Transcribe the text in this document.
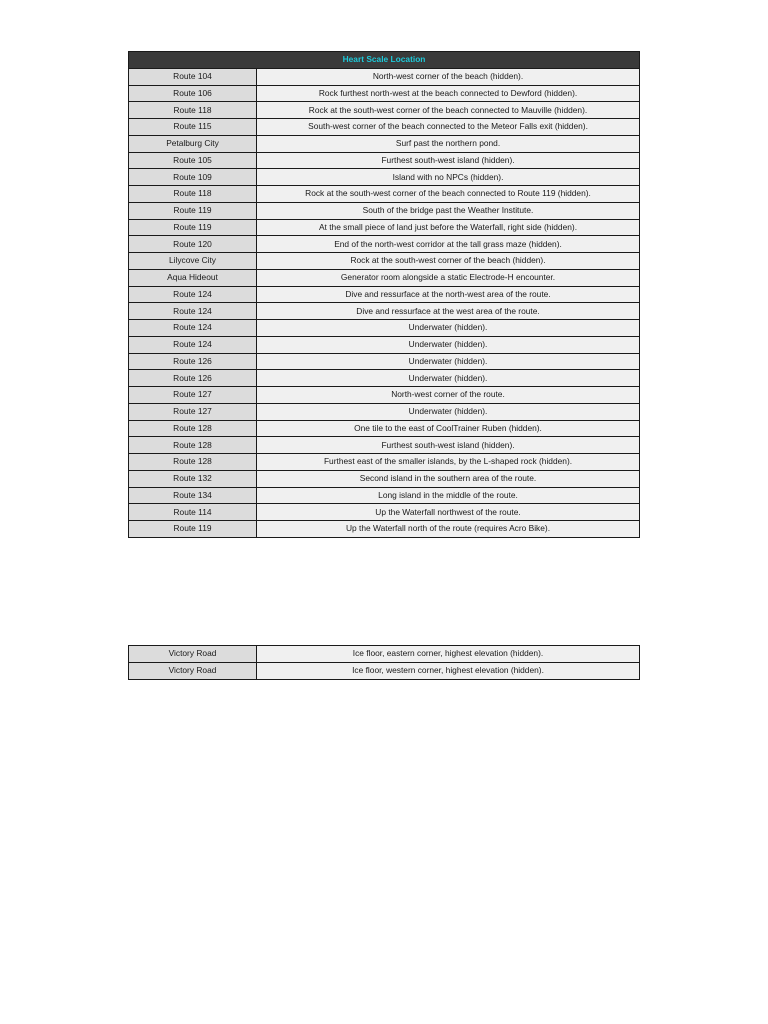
Heart Scale Location	
Route 104	North-west corner of the beach (hidden).
Route 106	Rock furthest north-west at the beach connected to Dewford (hidden).
Route 118	Rock at the south-west corner of the beach connected to Mauville (hidden).
Route 115	South-west corner of the beach connected to the Meteor Falls exit (hidden).
Petalburg City	Surf past the northern pond.
Route 105	Furthest south-west island (hidden).
Route 109	Island with no NPCs (hidden).
Route 118	Rock at the south-west corner of the beach connected to Route 119 (hidden).
Route 119	South of the bridge past the Weather Institute.
Route 119	At the small piece of land just before the Waterfall, right side (hidden).
Route 120	End of the north-west corridor at the tall grass maze (hidden).
Lilycove City	Rock at the south-west corner of the beach (hidden).
Aqua Hideout	Generator room alongside a static Electrode-H encounter.
Route 124	Dive and ressurface at the north-west area of the route.
Route 124	Dive and ressurface at the west area of the route.
Route 124	Underwater (hidden).
Route 124	Underwater (hidden).
Route 126	Underwater (hidden).
Route 126	Underwater (hidden).
Route 127	North-west corner of the route.
Route 127	Underwater (hidden).
Route 128	One tile to the east of CoolTrainer Ruben (hidden).
Route 128	Furthest south-west island (hidden).
Route 128	Furthest east of the smaller islands, by the L-shaped rock (hidden).
Route 132	Second island in the southern area of the route.
Route 134	Long island in the middle of the route.
Route 114	Up the Waterfall northwest of the route.
Route 119	Up the Waterfall north of the route (requires Acro Bike).
Victory Road	Ice floor, eastern corner, highest elevation (hidden).
Victory Road	Ice floor, western corner, highest elevation (hidden).
